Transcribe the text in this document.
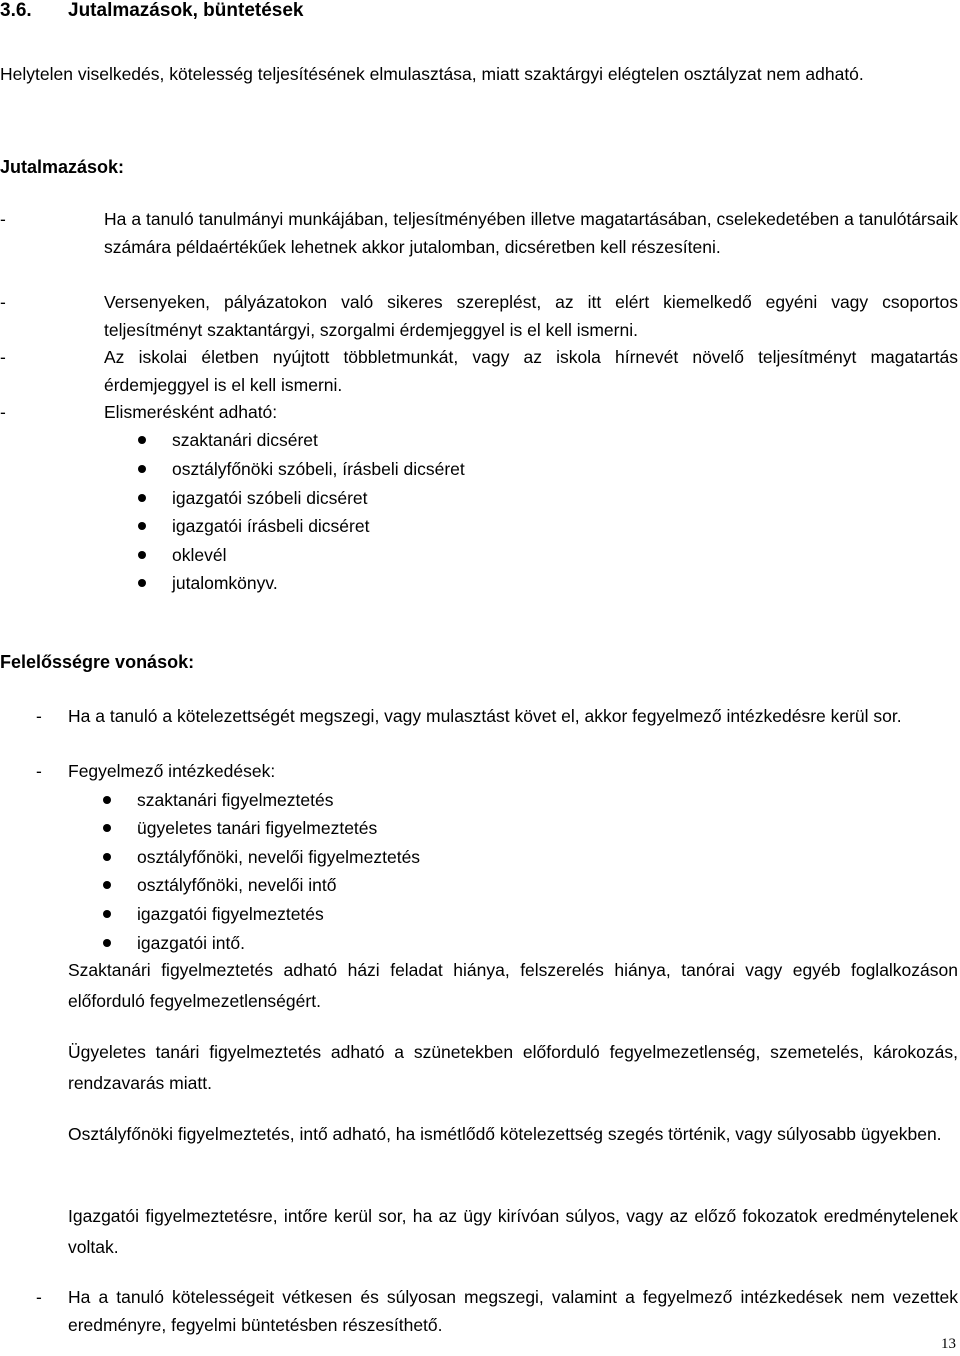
3.6. Jutalmazások, büntetések
Helytelen viselkedés, kötelesség teljesítésének elmulasztása, miatt szaktárgyi elégtelen osztályzat nem adható.
Jutalmazások:
-	Ha a tanuló tanulmányi munkájában, teljesítményében illetve magatartásában, cselekedetében a tanulótársaik számára példaértékűek lehetnek akkor jutalomban, dicséretben kell részesíteni.
-	Versenyeken, pályázatokon való sikeres szereplést, az itt elért kiemelkedő egyéni vagy csoportos teljesítményt szaktantárgyi, szorgalmi érdemjeggyel is el kell ismerni.
-	Az iskolai életben nyújtott többletmunkát, vagy az iskola hírnevét növelő teljesítményt magatartás érdemjeggyel is el kell ismerni.
-	Elismerésként adható:
szaktanári dicséret
osztályfőnöki szóbeli, írásbeli dicséret
igazgatói szóbeli dicséret
igazgatói írásbeli dicséret
oklevél
jutalomkönyv.
Felelősségre vonások:
- Ha a tanuló a kötelezettségét megszegi, vagy mulasztást követ el, akkor fegyelmező intézkedésre kerül sor.
- Fegyelmező intézkedések:
szaktanári figyelmeztetés
ügyeletes tanári figyelmeztetés
osztályfőnöki, nevelői figyelmeztetés
osztályfőnöki, nevelői intő
igazgatói figyelmeztetés
igazgatói intő.
Szaktanári figyelmeztetés adható házi feladat hiánya, felszerelés hiánya, tanórai vagy egyéb foglalkozáson előforduló fegyelmezetlenségért.
Ügyeletes tanári figyelmeztetés adható a szünetekben előforduló fegyelmezetlenség, szemetelés, károkozás, rendzavarás miatt.
Osztályfőnöki figyelmeztetés, intő adható, ha ismétlődő kötelezettség szegés történik, vagy súlyosabb ügyekben.
Igazgatói figyelmeztetésre, intőre kerül sor, ha az ügy kirívóan súlyos, vagy az előző fokozatok eredménytelenek voltak.
- Ha a tanuló kötelességeit vétkesen és súlyosan megszegi, valamint a fegyelmező intézkedések nem vezettek eredményre, fegyelmi büntetésben részesíthető.
13
